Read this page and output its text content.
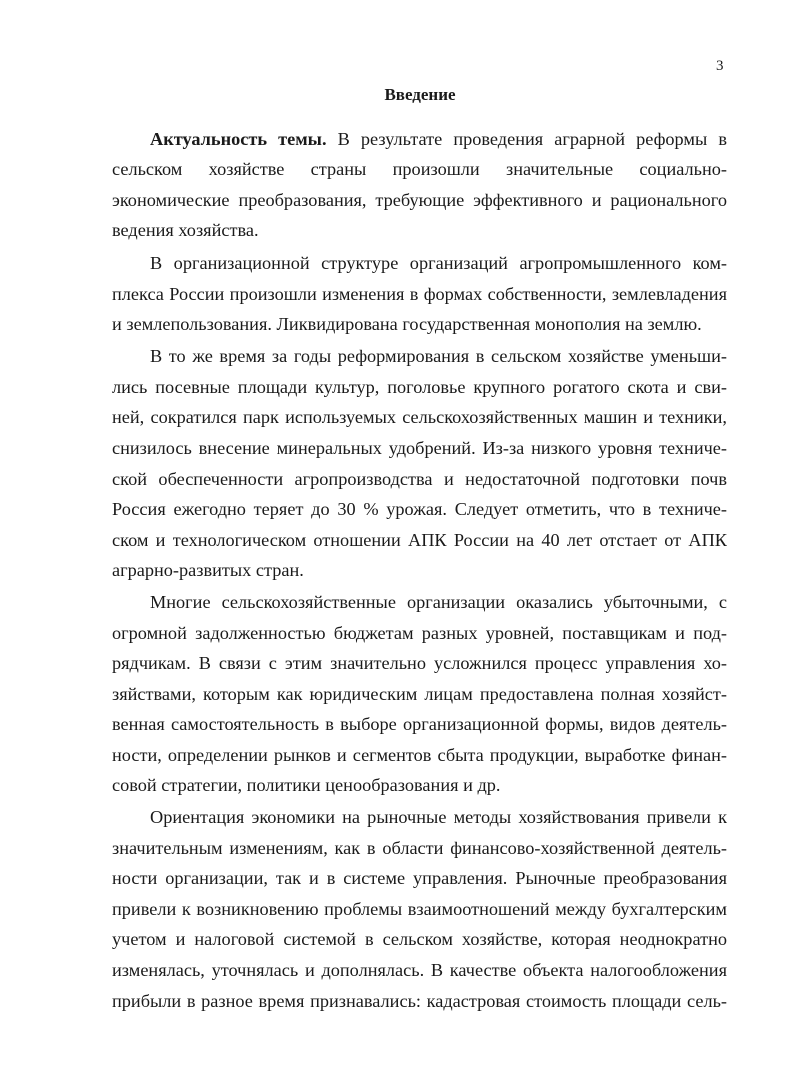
3
Введение
Актуальность темы. В результате проведения аграрной реформы в
сельском хозяйстве страны произошли значительные социально-
экономические преобразования, требующие эффективного и рационального
ведения хозяйства.
В организационной структуре организаций агропромышленного ком-
плекса России произошли изменения в формах собственности, землевладения
и землепользования. Ликвидирована государственная монополия на землю.
В то же время за годы реформирования в сельском хозяйстве уменьши-
лись посевные площади культур, поголовье крупного рогатого скота и сви-
ней, сократился парк используемых сельскохозяйственных машин и техники,
снизилось внесение минеральных удобрений. Из-за низкого уровня техниче-
ской обеспеченности агропроизводства и недостаточной подготовки почв
Россия ежегодно теряет до 30 % урожая. Следует отметить, что в техниче-
ском и технологическом отношении АПК России на 40 лет отстает от АПК
аграрно-развитых стран.
Многие сельскохозяйственные организации оказались убыточными, с
огромной задолженностью бюджетам разных уровней, поставщикам и под-
рядчикам. В связи с этим значительно усложнился процесс управления хо-
зяйствами, которым как юридическим лицам предоставлена полная хозяйст-
венная самостоятельность в выборе организационной формы, видов деятель-
ности, определении рынков и сегментов сбыта продукции, выработке финан-
совой стратегии, политики ценообразования и др.
Ориентация экономики на рыночные методы хозяйствования привели к
значительным изменениям, как в области финансово-хозяйственной деятель-
ности организации, так и в системе управления. Рыночные преобразования
привели к возникновению проблемы взаимоотношений между бухгалтерским
учетом и налоговой системой в сельском хозяйстве, которая неоднократно
изменялась, уточнялась и дополнялась. В качестве объекта налогообложения
прибыли в разное время признавались: кадастровая стоимость площади сель-
